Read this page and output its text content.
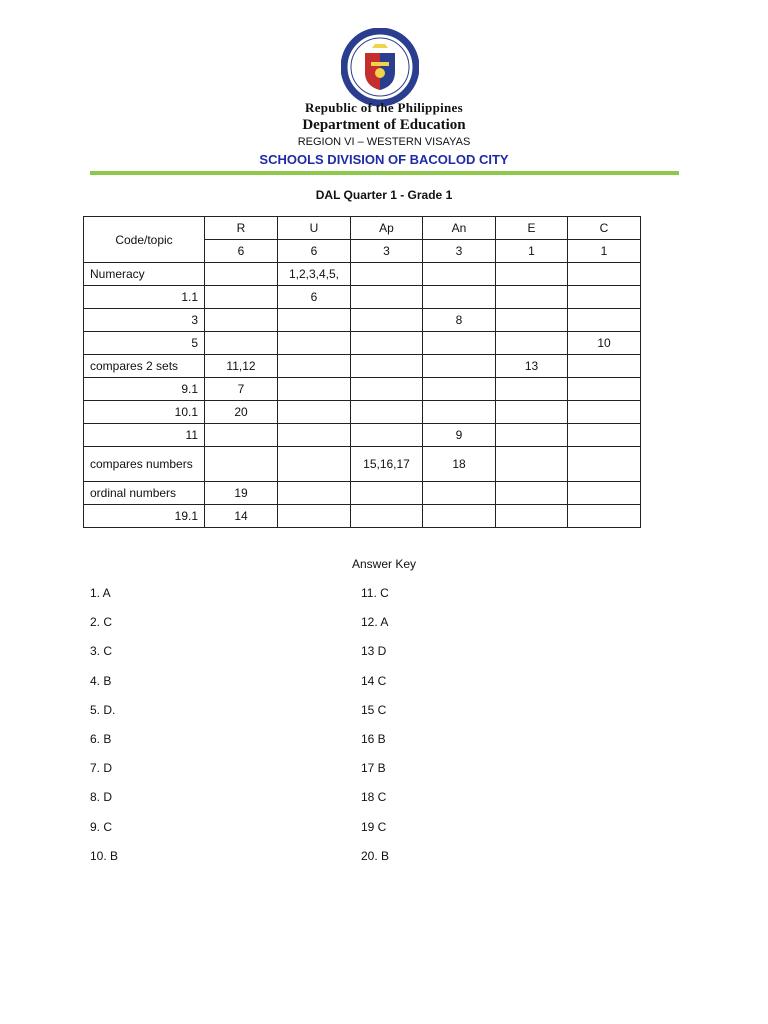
Republic of the Philippines
Department of Education
REGION VI – WESTERN VISAYAS
SCHOOLS DIVISION OF BACOLOD CITY
DAL Quarter 1 - Grade 1
Code/topic	R	U	Ap	An	E	C
	6	6	3	3	1	1
Numeracy		1,2,3,4,5,				
1.1		6				
3				8		
5						10
compares 2 sets	11,12				13	
9.1	7					
10.1	20					
11				9		
compares numbers			15,16,17	18		
ordinal numbers	19					
19.1	14					
Answer Key
1. A
2. C
3. C
4. B
5. D.
6. B
7. D
8. D
9. C
10. B
11. C
12. A
13 D
14 C
15 C
16 B
17 B
18 C
19 C
20. B
